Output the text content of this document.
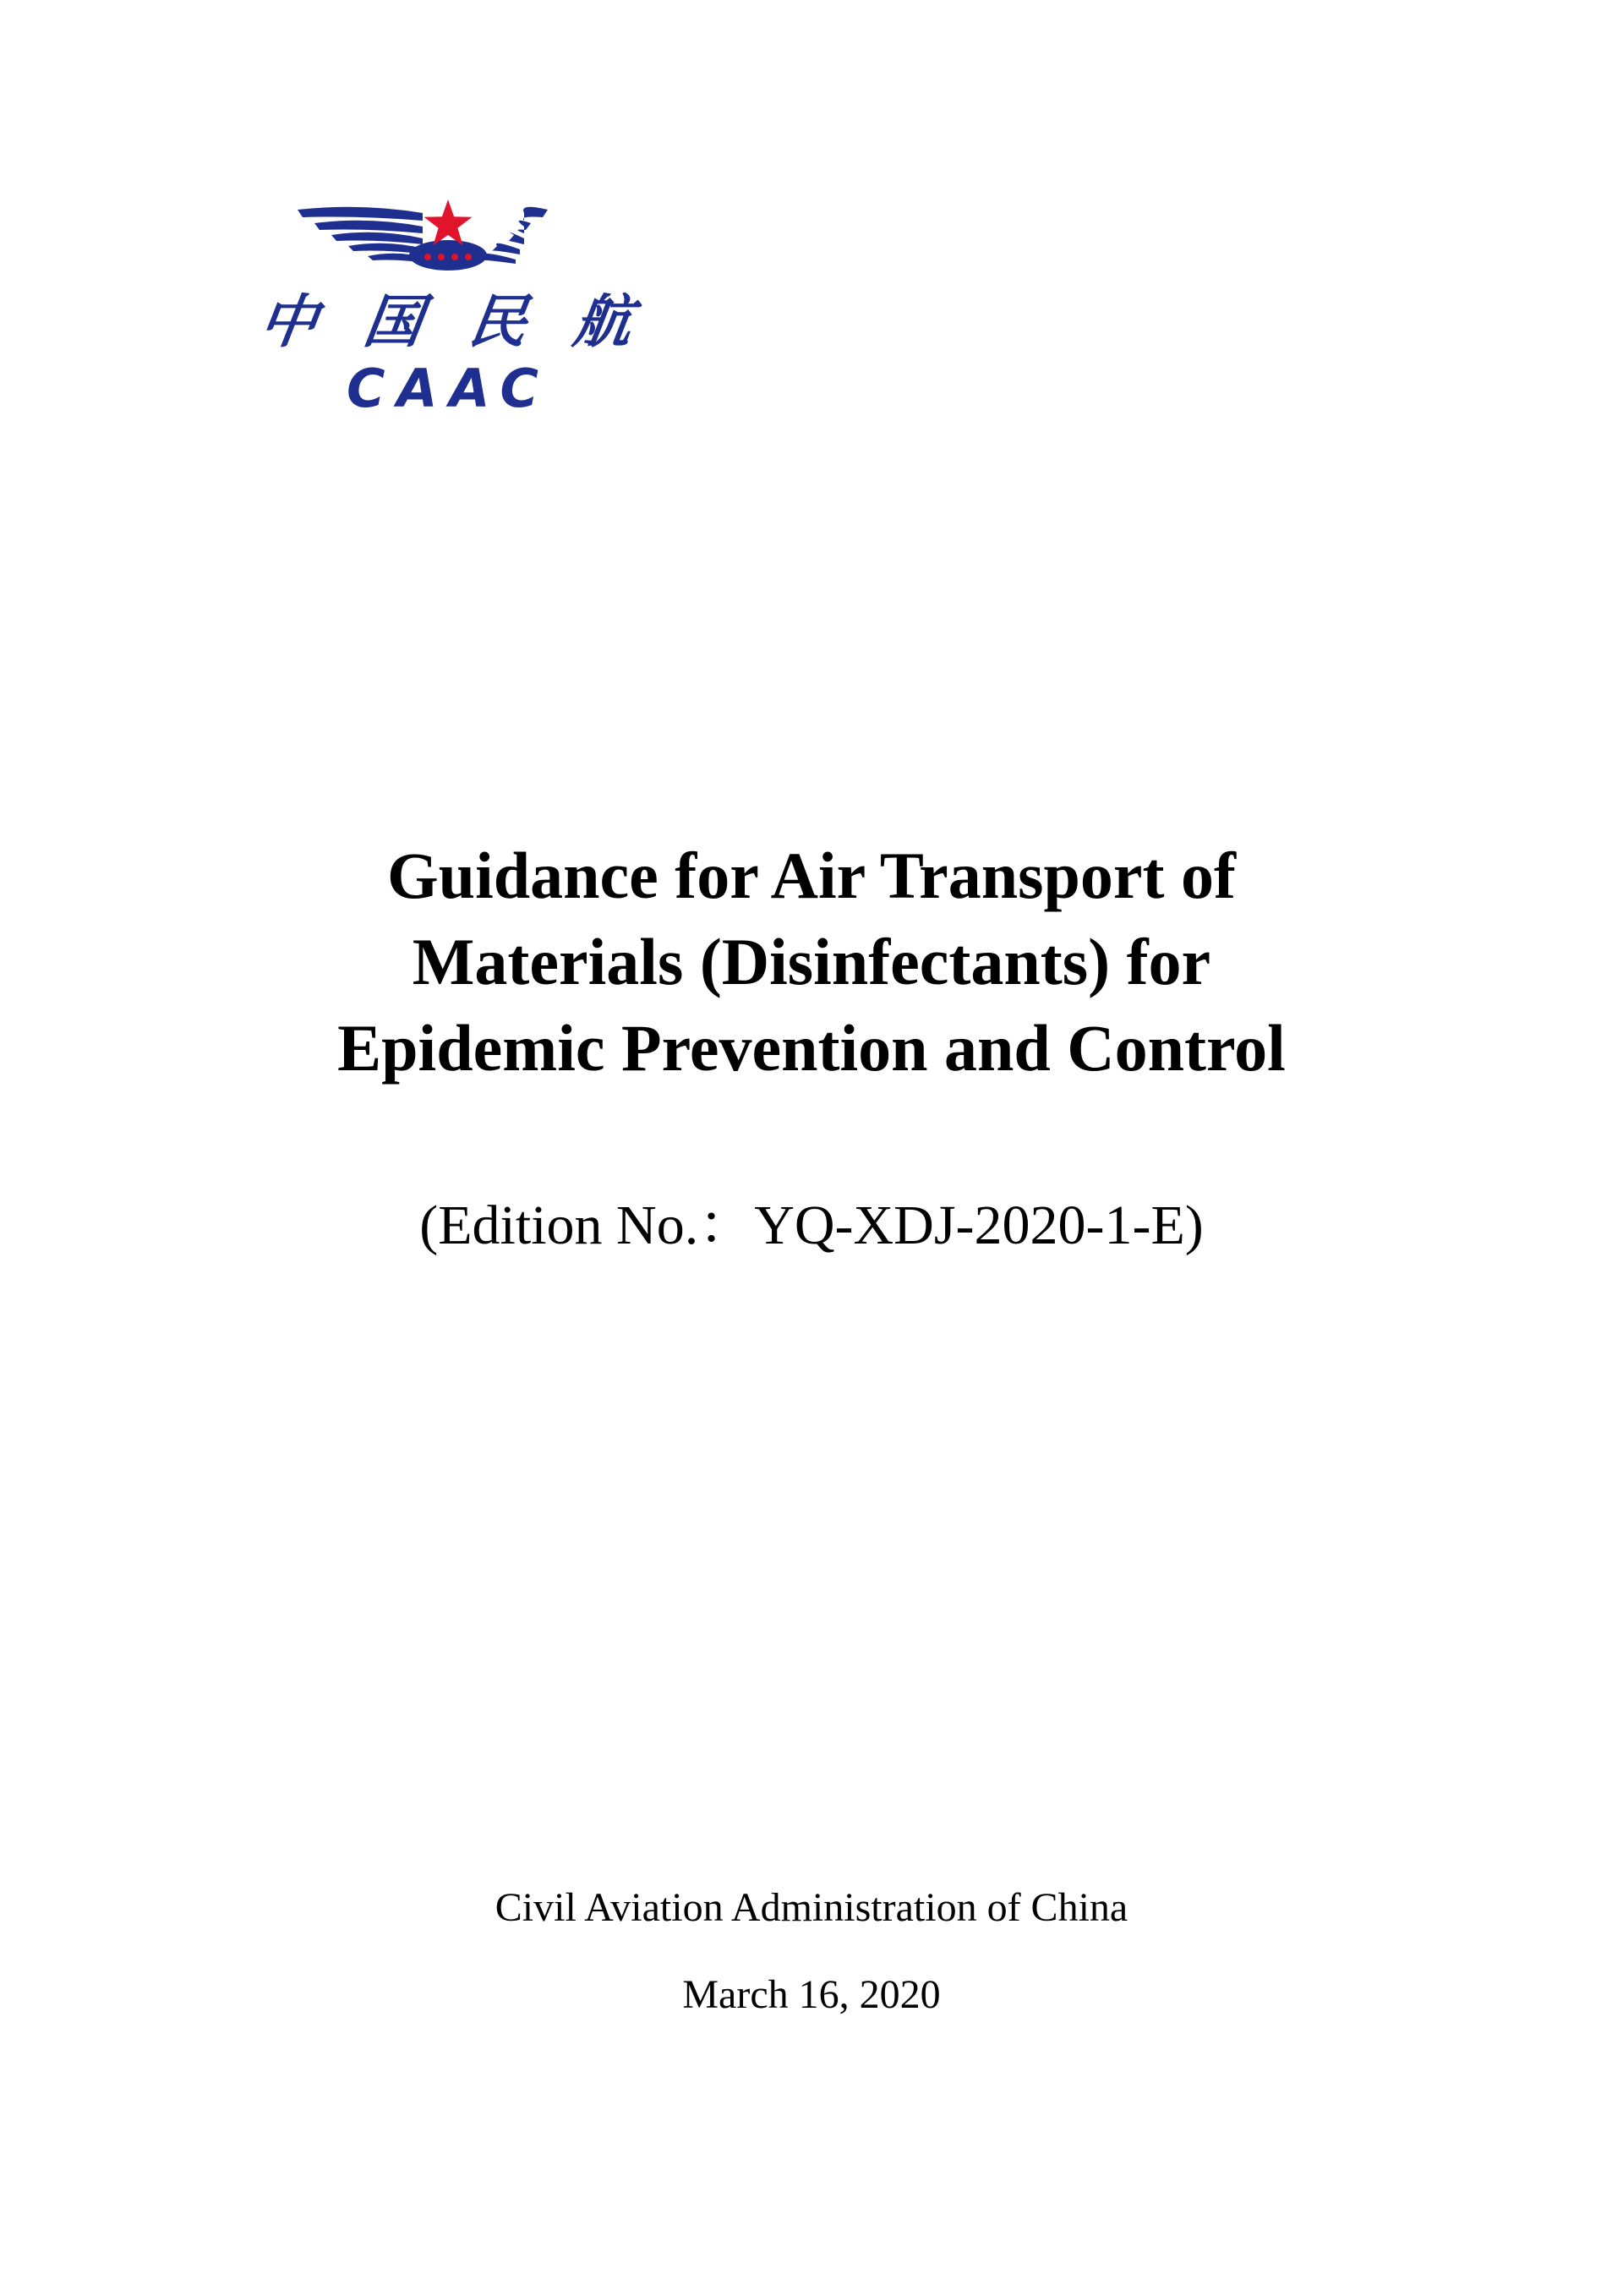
中 国 民 航
CAAC
Guidance for Air Transport of
Materials (Disinfectants) for
Epidemic Prevention and Control
(Edition No.：YQ-XDJ-2020-1-E)
Civil Aviation Administration of China
March 16, 2020
